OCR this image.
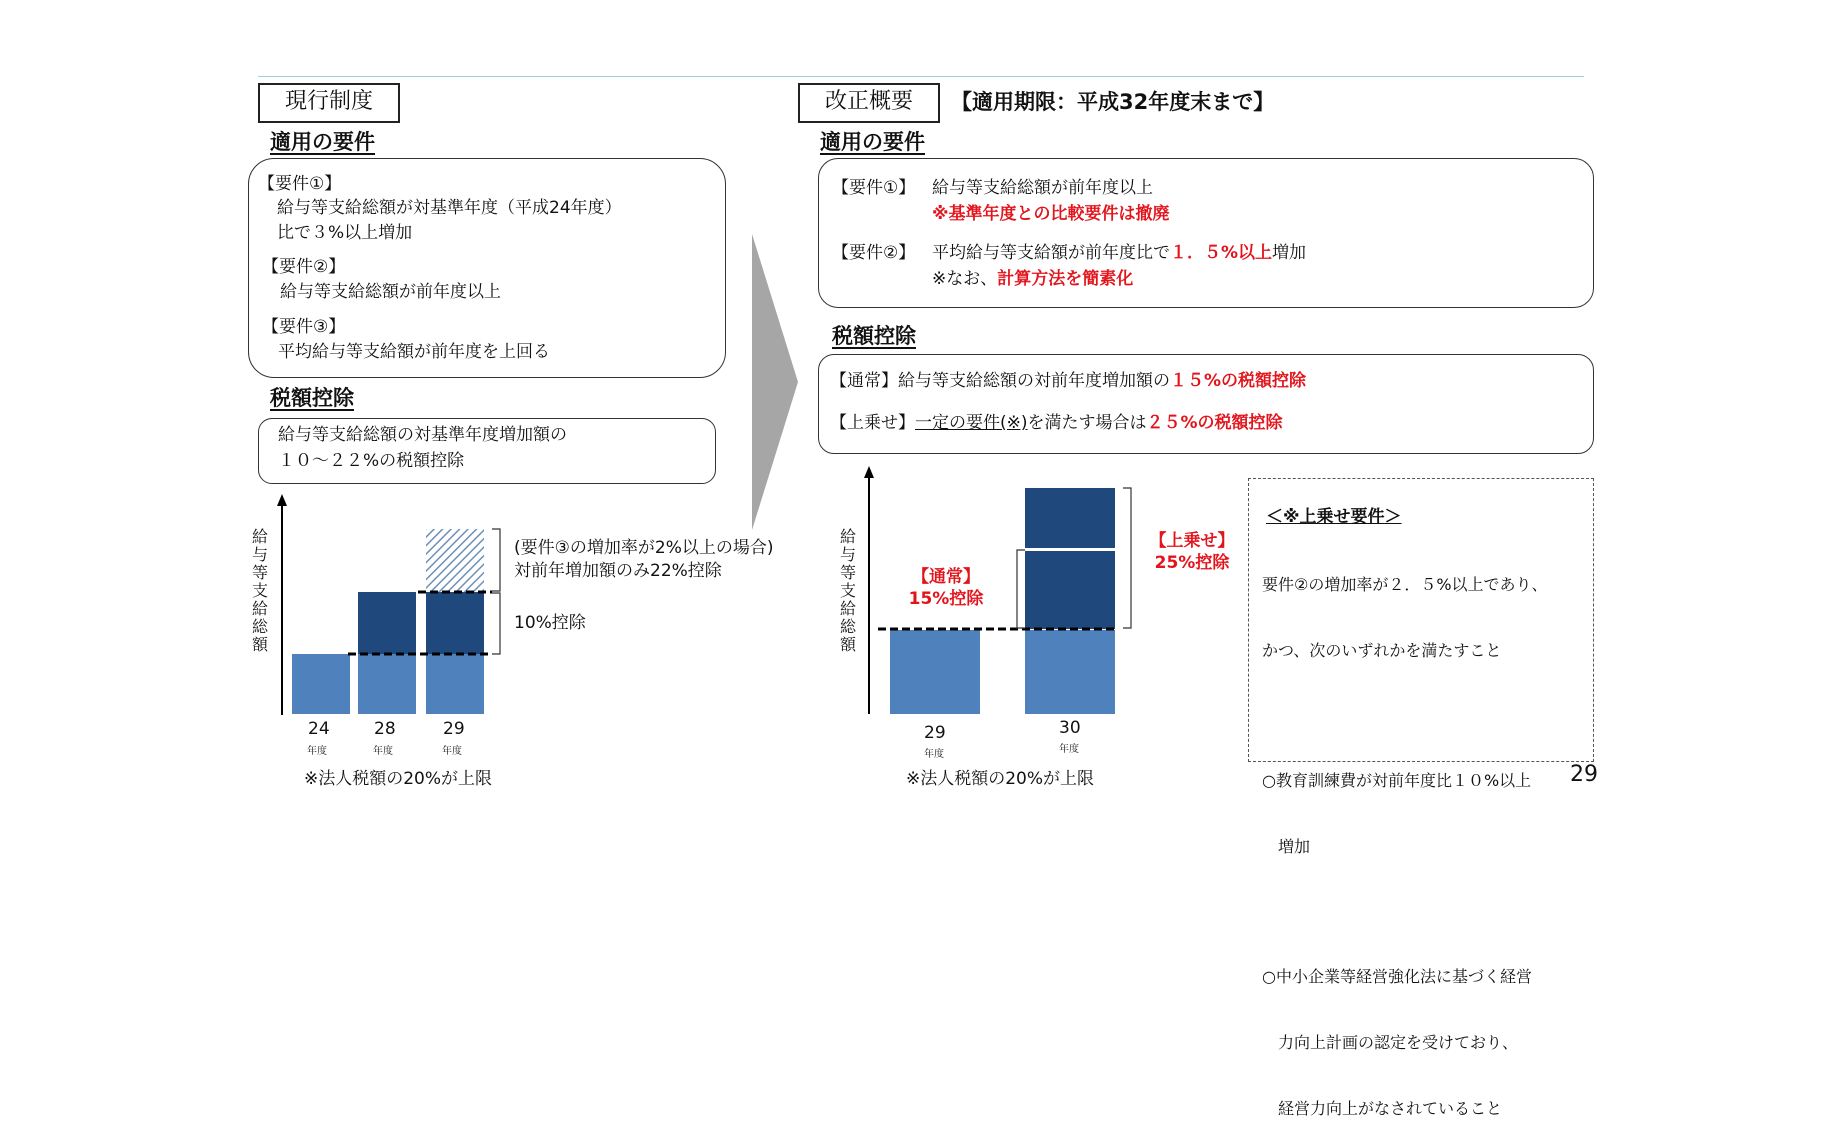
現行制度
適用の要件
【要件①】
給与等支給総額が対基準年度（平成24年度）
比で３%以上増加
【要件②】
給与等支給総額が前年度以上
【要件③】
平均給与等支給額が前年度を上回る
税額控除
給与等支給総額の対基準年度増加額の
１０～２２%の税額控除
給与等支給総額
(要件③の増加率が2%以上の場合)
対前年増加額のみ22%控除
10%控除
24
年度
28
年度
29
年度
※法人税額の20%が上限
改正概要	【適用期限：平成32年度末まで】
適用の要件
【要件①】 給与等支給総額が前年度以上
※基準年度との比較要件は撤廃
【要件②】 平均給与等支給額が前年度比で１．５%以上増加
※なお、計算方法を簡素化
税額控除
【通常】給与等支給総額の対前年度増加額の１５%の税額控除
【上乗せ】一定の要件(※)を満たす場合は２５%の税額控除
給与等支給総額
【通常】
15%控除
【上乗せ】
25%控除
29
年度
30
年度
※法人税額の20%が上限
＜※上乗せ要件＞

要件②の増加率が２．５%以上であり、

かつ、次のいずれかを満たすこと

○教育訓練費が対前年度比１０%以上

　増加

○中小企業等経営強化法に基づく経営

　力向上計画の認定を受けており、

　経営力向上がなされていること

29
